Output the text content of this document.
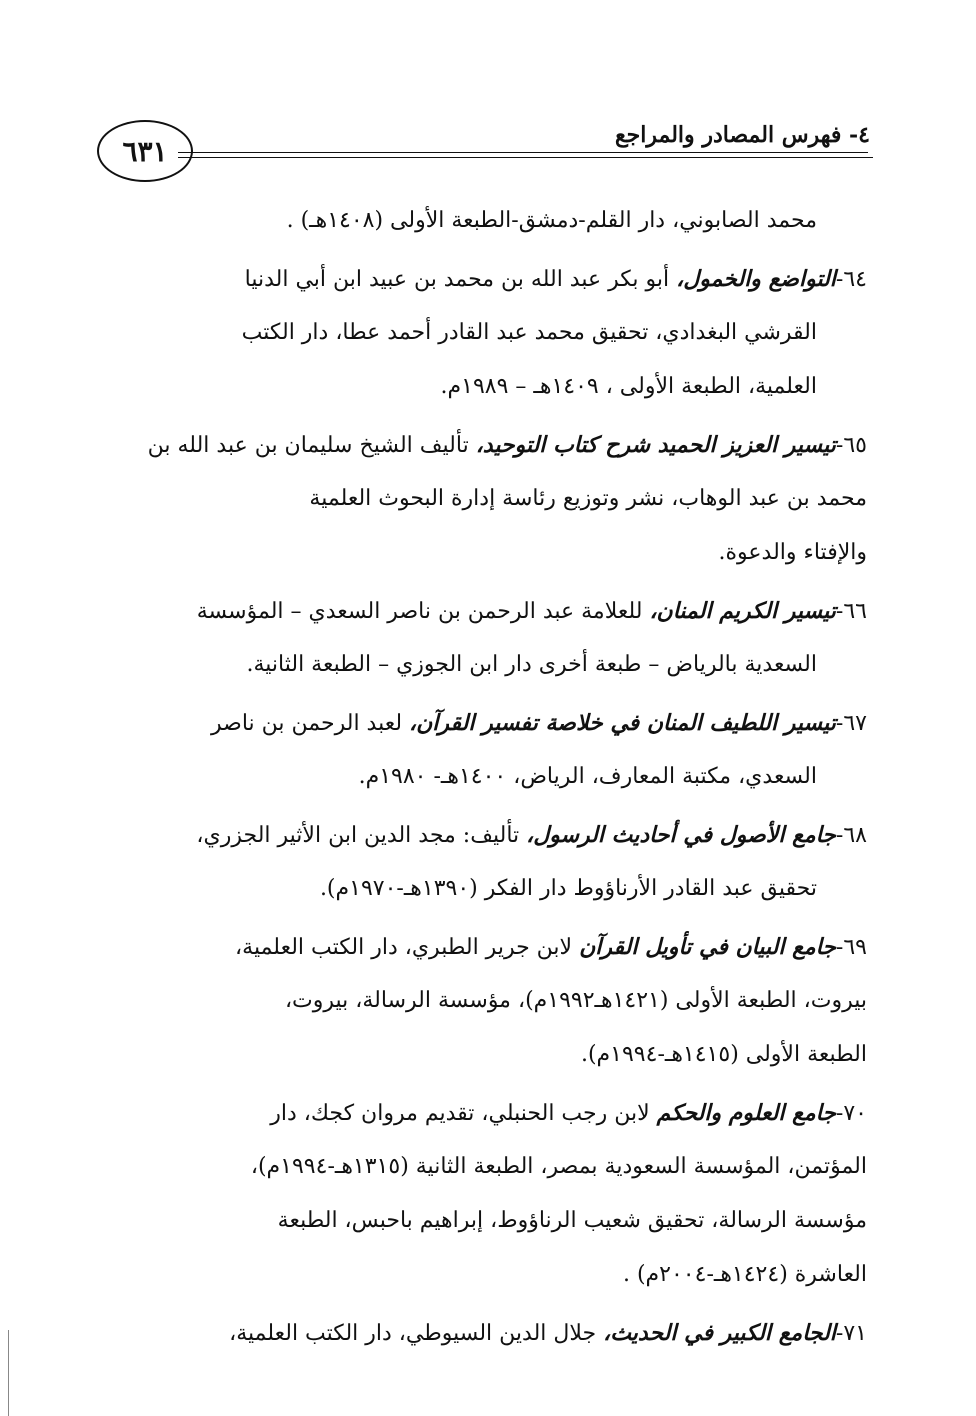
٦٣١	٤- فهرس المصادر والمراجع
محمد الصابوني، دار القلم-دمشق-الطبعة الأولى (١٤٠٨هـ) .
٦٤-التواضع والخمول، أبو بكر عبد الله بن محمد بن عبيد ابن أبي الدنيا
القرشي البغدادي، تحقيق محمد عبد القادر أحمد عطا، دار الكتب
العلمية، الطبعة الأولى ، ١٤٠٩هـ – ١٩٨٩م.
٦٥-تيسير العزيز الحميد شرح كتاب التوحيد، تأليف الشيخ سليمان بن عبد الله بن
محمد بن عبد الوهاب، نشر وتوزيع رئاسة إدارة البحوث العلمية
والإفتاء والدعوة.
٦٦-تيسير الكريم المنان، للعلامة عبد الرحمن بن ناصر السعدي – المؤسسة
السعدية بالرياض – طبعة أخرى دار ابن الجوزي – الطبعة الثانية.
٦٧-تيسير اللطيف المنان في خلاصة تفسير القرآن، لعبد الرحمن بن ناصر
السعدي، مكتبة المعارف، الرياض، ١٤٠٠هـ- ١٩٨٠م.
٦٨-جامع الأصول في أحاديث الرسول، تأليف: مجد الدين ابن الأثير الجزري،
تحقيق عبد القادر الأرناؤوط دار الفكر (١٣٩٠هـ-١٩٧٠م).
٦٩-جامع البيان في تأويل القرآن لابن جرير الطبري، دار الكتب العلمية،
بيروت، الطبعة الأولى (١٤٢١هـ١٩٩٢م)، مؤسسة الرسالة، بيروت،
الطبعة الأولى (١٤١٥هـ-١٩٩٤م).
٧٠-جامع العلوم والحكم لابن رجب الحنبلي، تقديم مروان كجك، دار
المؤتمن، المؤسسة السعودية بمصر، الطبعة الثانية (١٣١٥هـ-١٩٩٤م)،
مؤسسة الرسالة، تحقيق شعيب الرناؤوط، إبراهيم باحبس، الطبعة
العاشرة (١٤٢٤هـ-٢٠٠٤م) .
٧١-الجامع الكبير في الحديث، جلال الدين السيوطي، دار الكتب العلمية،
